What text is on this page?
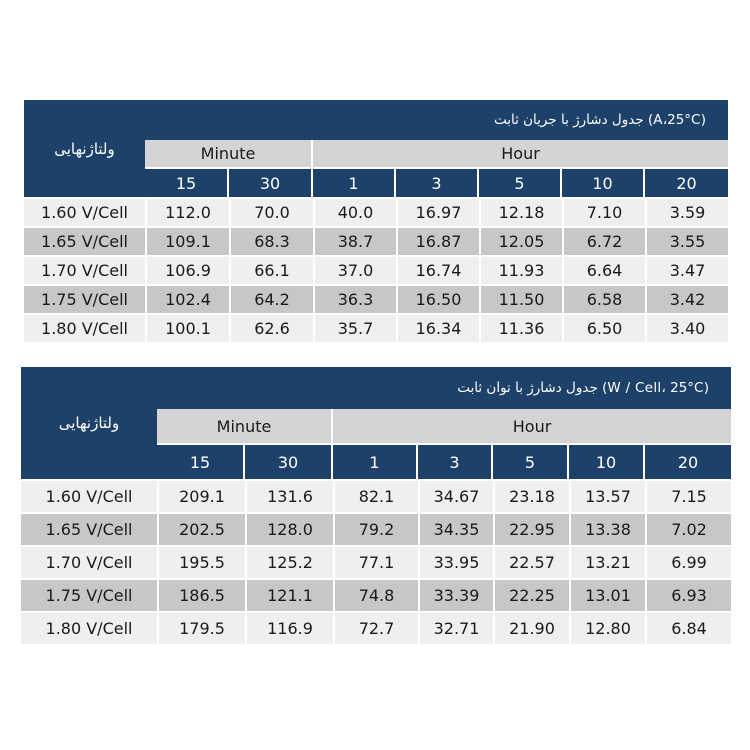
ولتاژنهایی	جدول دشارژ با جریان ثابت (A،25°C)						
	Minute		Hour				
	15	30	1	3	5	10	20
1.60 V/Cell	112.0	70.0	40.0	16.97	12.18	7.10	3.59
1.65 V/Cell	109.1	68.3	38.7	16.87	12.05	6.72	3.55
1.70 V/Cell	106.9	66.1	37.0	16.74	11.93	6.64	3.47
1.75 V/Cell	102.4	64.2	36.3	16.50	11.50	6.58	3.42
1.80 V/Cell	100.1	62.6	35.7	16.34	11.36	6.50	3.40
ولتاژنهایی	جدول دشارژ با توان ثابت (W / Cell، 25°C)						
	Minute		Hour				
	15	30	1	3	5	10	20
1.60 V/Cell	209.1	131.6	82.1	34.67	23.18	13.57	7.15
1.65 V/Cell	202.5	128.0	79.2	34.35	22.95	13.38	7.02
1.70 V/Cell	195.5	125.2	77.1	33.95	22.57	13.21	6.99
1.75 V/Cell	186.5	121.1	74.8	33.39	22.25	13.01	6.93
1.80 V/Cell	179.5	116.9	72.7	32.71	21.90	12.80	6.84
